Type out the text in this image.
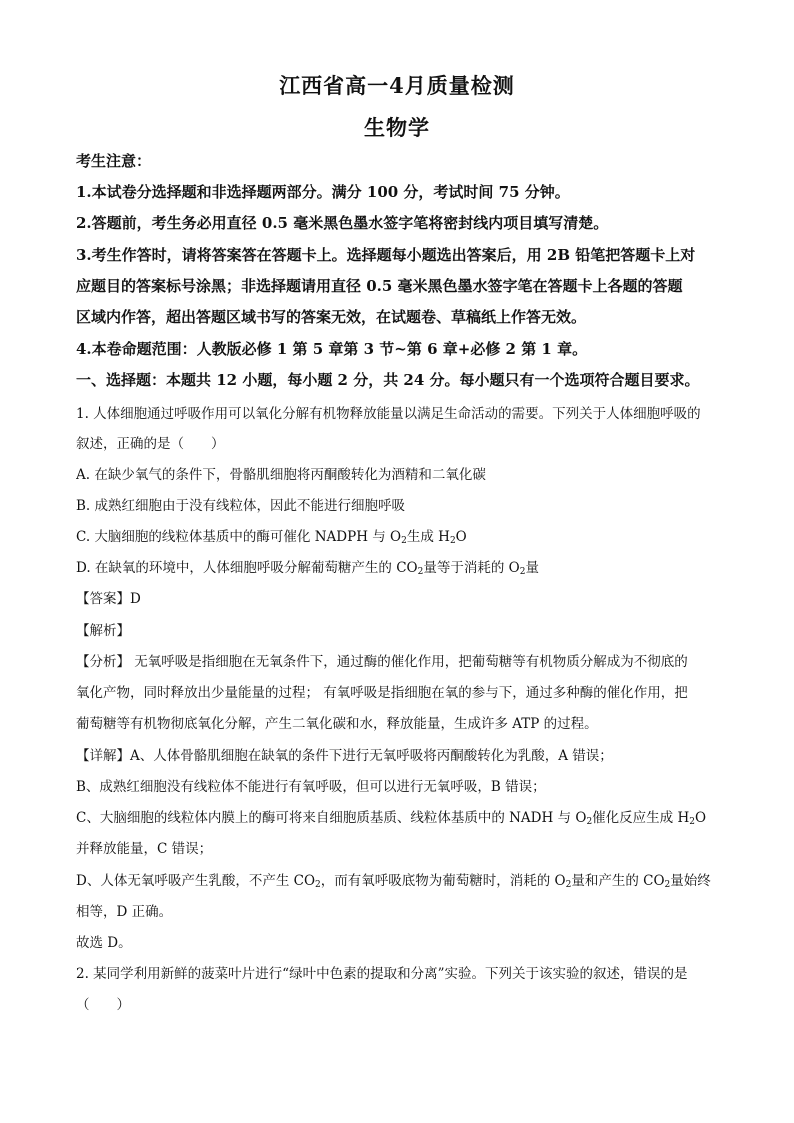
江西省高一4月质量检测
生物学
考生注意：
1.本试卷分选择题和非选择题两部分。满分 100 分，考试时间 75 分钟。
2.答题前，考生务必用直径 0.5 毫米黑色墨水签字笔将密封线内项目填写清楚。
3.考生作答时，请将答案答在答题卡上。选择题每小题选出答案后，用 2B 铅笔把答题卡上对
应题目的答案标号涂黑；非选择题请用直径 0.5 毫米黑色墨水签字笔在答题卡上各题的答题
区域内作答，超出答题区域书写的答案无效，在试题卷、草稿纸上作答无效。
4.本卷命题范围：人教版必修 1 第 5 章第 3 节~第 6 章+必修 2 第 1 章。
一、选择题：本题共 12 小题，每小题 2 分，共 24 分。每小题只有一个选项符合题目要求。
1. 人体细胞通过呼吸作用可以氧化分解有机物释放能量以满足生命活动的需要。下列关于人体细胞呼吸的
叙述，正确的是（　　）
A. 在缺少氧气的条件下，骨骼肌细胞将丙酮酸转化为酒精和二氧化碳
B. 成熟红细胞由于没有线粒体，因此不能进行细胞呼吸
C. 大脑细胞的线粒体基质中的酶可催化 NADPH 与 $O_2$生成 $H_2O$
D. 在缺氧的环境中，人体细胞呼吸分解葡萄糖产生的 $CO_2$量等于消耗的 $O_2$量
【答案】D
【解析】
【分析】 无氧呼吸是指细胞在无氧条件下，通过酶的催化作用，把葡萄糖等有机物质分解成为不彻底的
氧化产物，同时释放出少量能量的过程； 有氧呼吸是指细胞在氧的参与下，通过多种酶的催化作用，把
葡萄糖等有机物彻底氧化分解，产生二氧化碳和水，释放能量，生成许多 ATP 的过程。
【详解】A、人体骨骼肌细胞在缺氧的条件下进行无氧呼吸将丙酮酸转化为乳酸，A 错误；
B、成熟红细胞没有线粒体不能进行有氧呼吸，但可以进行无氧呼吸，B 错误；
C、大脑细胞的线粒体内膜上的酶可将来自细胞质基质、线粒体基质中的 NADH 与 $O_2$催化反应生成 $H_2O$
并释放能量，C 错误；
D、人体无氧呼吸产生乳酸，不产生 $CO_2$，而有氧呼吸底物为葡萄糖时，消耗的 $O_2$量和产生的 $CO_2$量始终
相等，D 正确。
故选 D。
2. 某同学利用新鲜的菠菜叶片进行“绿叶中色素的提取和分离”实验。下列关于该实验的叙述，错误的是
（　　）
